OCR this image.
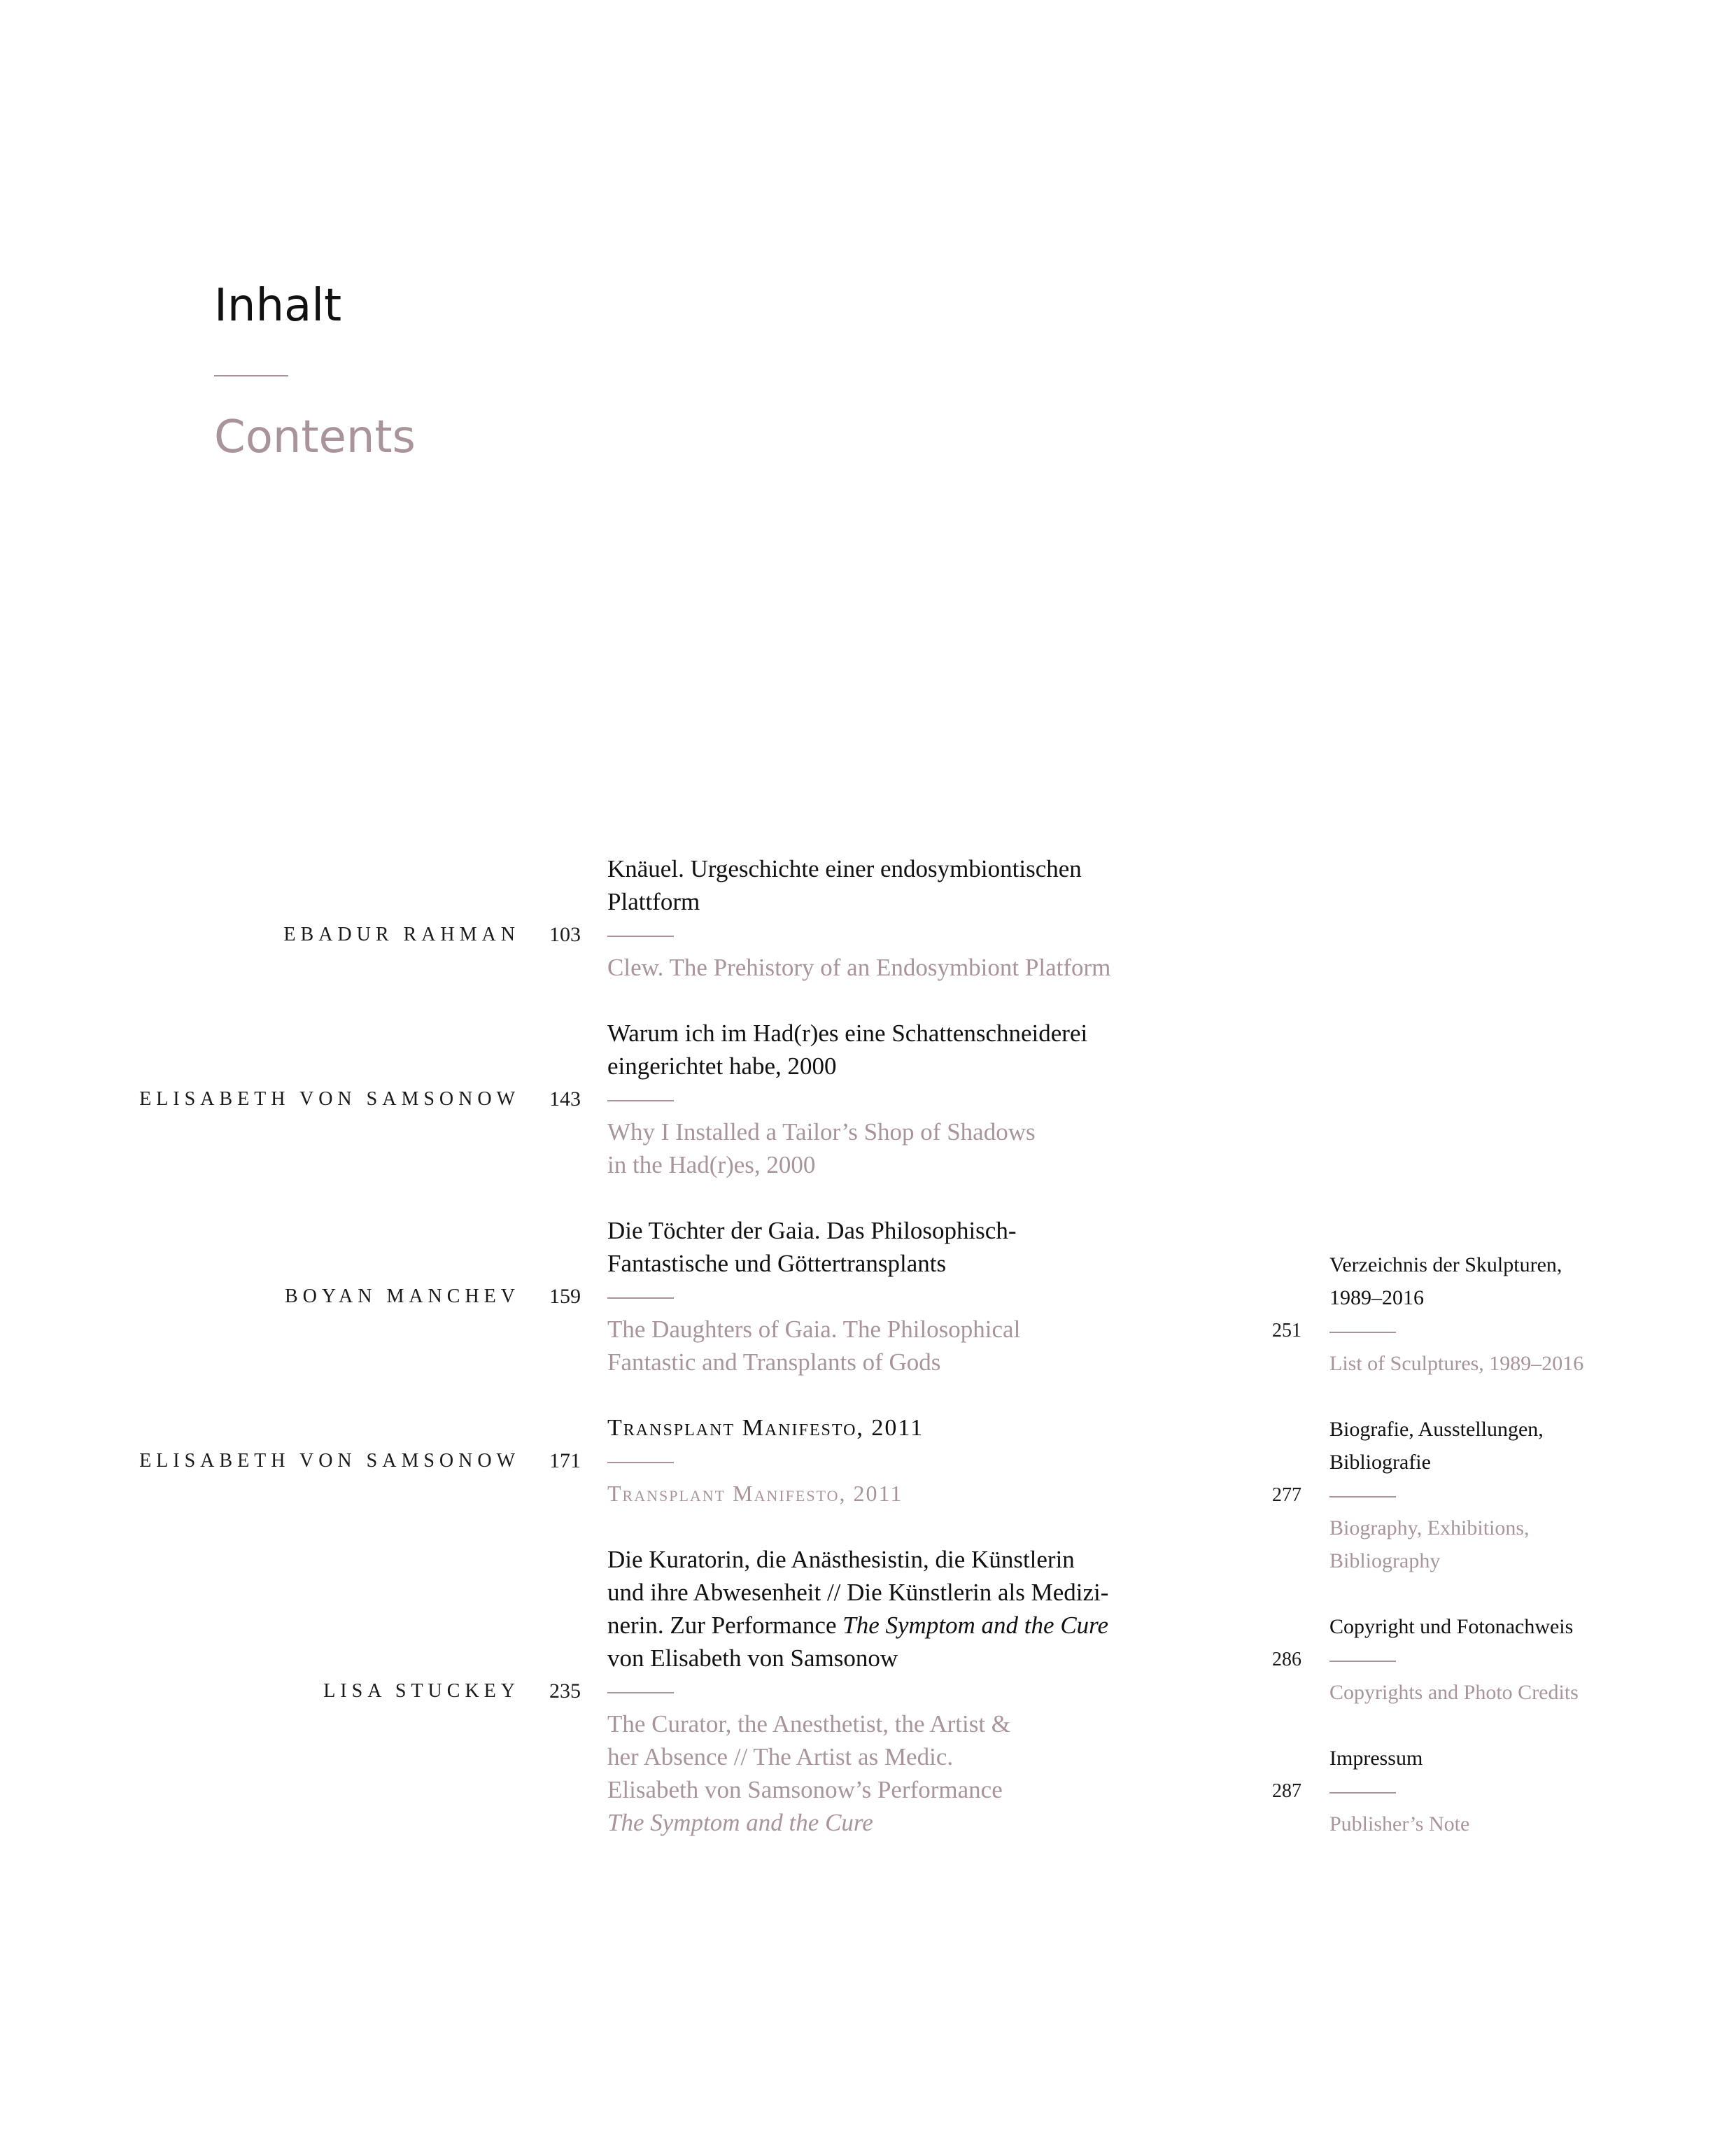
Inhalt
Contents
Knäuel. Urgeschichte einer endosymbiontischen
Plattform
EBADUR RAHMAN	103
Clew. The Prehistory of an Endosymbiont Platform
Warum ich im Had(r)es eine Schattenschneiderei
eingerichtet habe, 2000
ELISABETH VON SAMSONOW	143
Why I Installed a Tailor’s Shop of Shadows
in the Had(r)es, 2000
Die Töchter der Gaia. Das Philosophisch-
Fantastische und Göttertransplants
BOYAN MANCHEV	159
The Daughters of Gaia. The Philosophical
Fantastic and Transplants of Gods
Transplant Manifesto, 2011
ELISABETH VON SAMSONOW	171
Transplant Manifesto, 2011
Die Kuratorin, die Anästhesistin, die Künstlerin
und ihre Abwesenheit // Die Künstlerin als Medizi-
nerin. Zur Performance The Symptom and the Cure
von Elisabeth von Samsonow
LISA STUCKEY	235
The Curator, the Anesthetist, the Artist &
her Absence // The Artist as Medic.
Elisabeth von Samsonow’s Performance
The Symptom and the Cure
Verzeichnis der Skulpturen,
1989–2016
251
List of Sculptures, 1989–2016
Biografie, Ausstellungen,
Bibliografie
277
Biography, Exhibitions,
Bibliography
Copyright und Fotonachweis
286
Copyrights and Photo Credits
Impressum
287
Publisher’s Note
